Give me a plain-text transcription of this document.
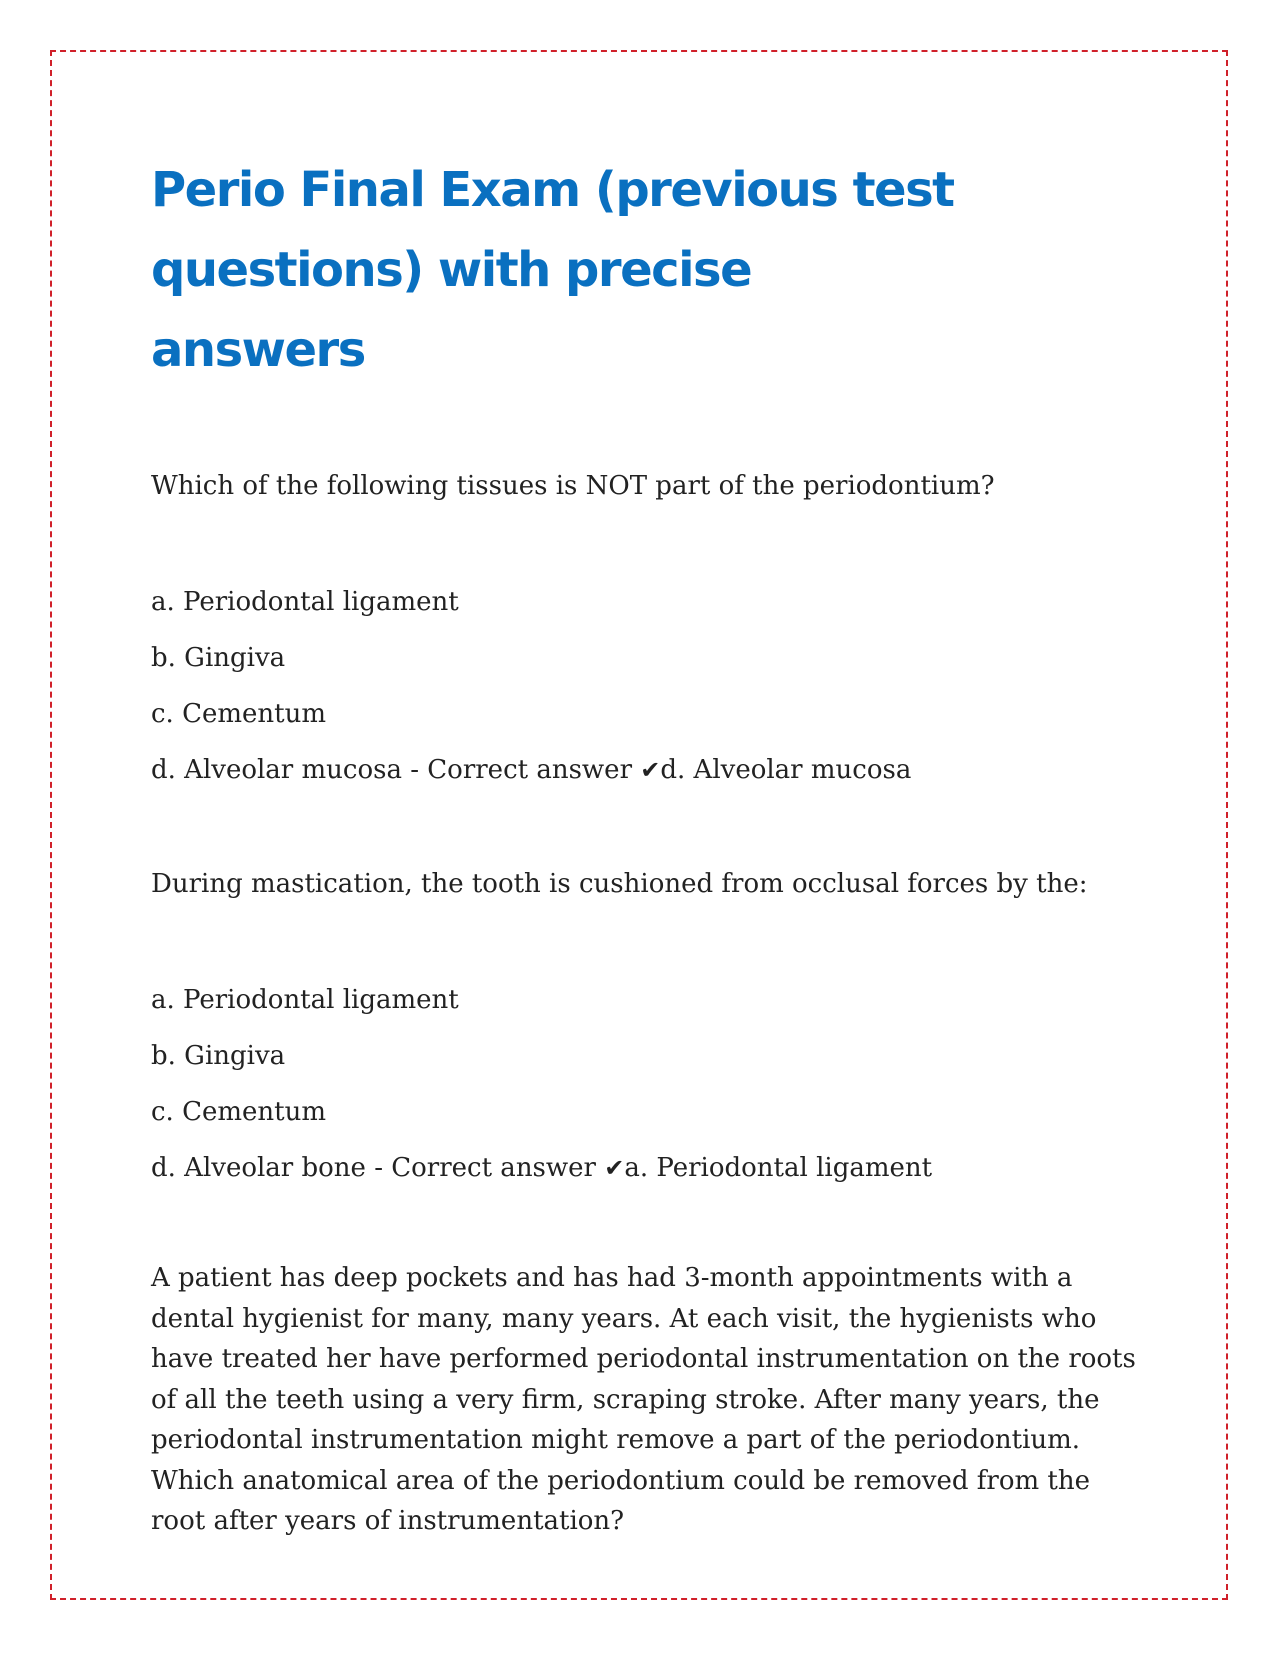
Perio Final Exam (previous test questions) with precise answers

Which of the following tissues is NOT part of the periodontium?

a. Periodontal ligament

b. Gingiva

c. Cementum

d. Alveolar mucosa - Correct answer ✔d. Alveolar mucosa

During mastication, the tooth is cushioned from occlusal forces by the:

a. Periodontal ligament

b. Gingiva

c. Cementum

d. Alveolar bone - Correct answer ✔a. Periodontal ligament

A patient has deep pockets and has had 3-month appointments with a dental hygienist for many, many years. At each visit, the hygienists who have treated her have performed periodontal instrumentation on the roots of all the teeth using a very firm, scraping stroke. After many years, the periodontal instrumentation might remove a part of the periodontium. Which anatomical area of the periodontium could be removed from the root after years of instrumentation?
